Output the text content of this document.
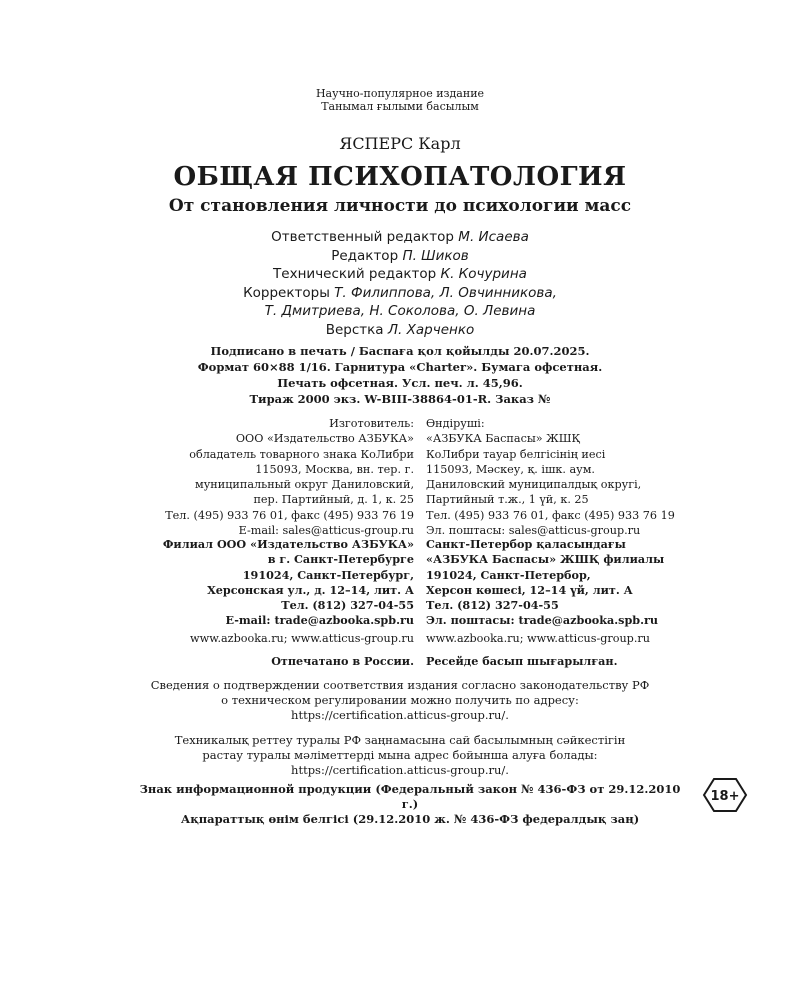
Научно-популярное издание
Танымал ғылыми басылым
ЯСПЕРС Карл
ОБЩАЯ ПСИХОПАТОЛОГИЯ
От становления личности до психологии масс
Ответственный редактор М. Исаева
Редактор П. Шиков
Технический редактор К. Кочурина
Корректоры Т. Филиппова, Л. Овчинникова,
Т. Дмитриева, Н. Соколова, О. Левина
Верстка Л. Харченко
Подписано в печать / Баспаға қол қойылды 20.07.2025.
Формат 60×88 1/16. Гарнитура «Charter». Бумага офсетная.
Печать офсетная. Усл. печ. л. 45,96.
Тираж 2000 экз. W-BIII-38864-01-R. Заказ №
Изготовитель:
ООО «Издательство АЗБУКА»
обладатель товарного знака КоЛибри
115093, Москва, вн. тер. г.
муниципальный округ Даниловский,
пер. Партийный, д. 1, к. 25
Тел. (495) 933 76 01, факс (495) 933 76 19
E-mail: sales@atticus-group.ru
Өндіруші:
«АЗБУКА Баспасы» ЖШҚ
КоЛибри тауар белгісінің иесі
115093, Мәскеу, қ. ішк. аум.
Даниловский муниципалдық округі,
Партийный т.ж., 1 үй, к. 25
Тел. (495) 933 76 01, факс (495) 933 76 19
Эл. поштасы: sales@atticus-group.ru
Филиал ООО «Издательство АЗБУКА»
в г. Санкт-Петербурге
191024, Санкт-Петербург,
Херсонская ул., д. 12–14, лит. А
Тел. (812) 327-04-55
E-mail: trade@azbooka.spb.ru
Санкт-Петербор қаласындағы
«АЗБУКА Баспасы» ЖШҚ филиалы
191024, Санкт-Петербор,
Херсон көшесі, 12–14 үй, лит. А
Тел. (812) 327-04-55
Эл. поштасы: trade@azbooka.spb.ru
www.azbooka.ru; www.atticus-group.ru www.azbooka.ru; www.atticus-group.ru
Отпечатано в России. Ресейде басып шығарылған.
Сведения о подтверждении соответствия издания согласно законодательству РФ
о техническом регулировании можно получить по адресу:
https://certification.atticus-group.ru/.
Техникалық реттеу туралы РФ заңнамасына сай басылымның сәйкестігін
растау туралы мәліметтерді мына адрес бойынша алуға болады:
https://certification.atticus-group.ru/.
Знак информационной продукции (Федеральный закон № 436-ФЗ от 29.12.2010 г.)
Ақпараттық өнім белгісі (29.12.2010 ж. № 436-ФЗ федералдық заң)
18+
